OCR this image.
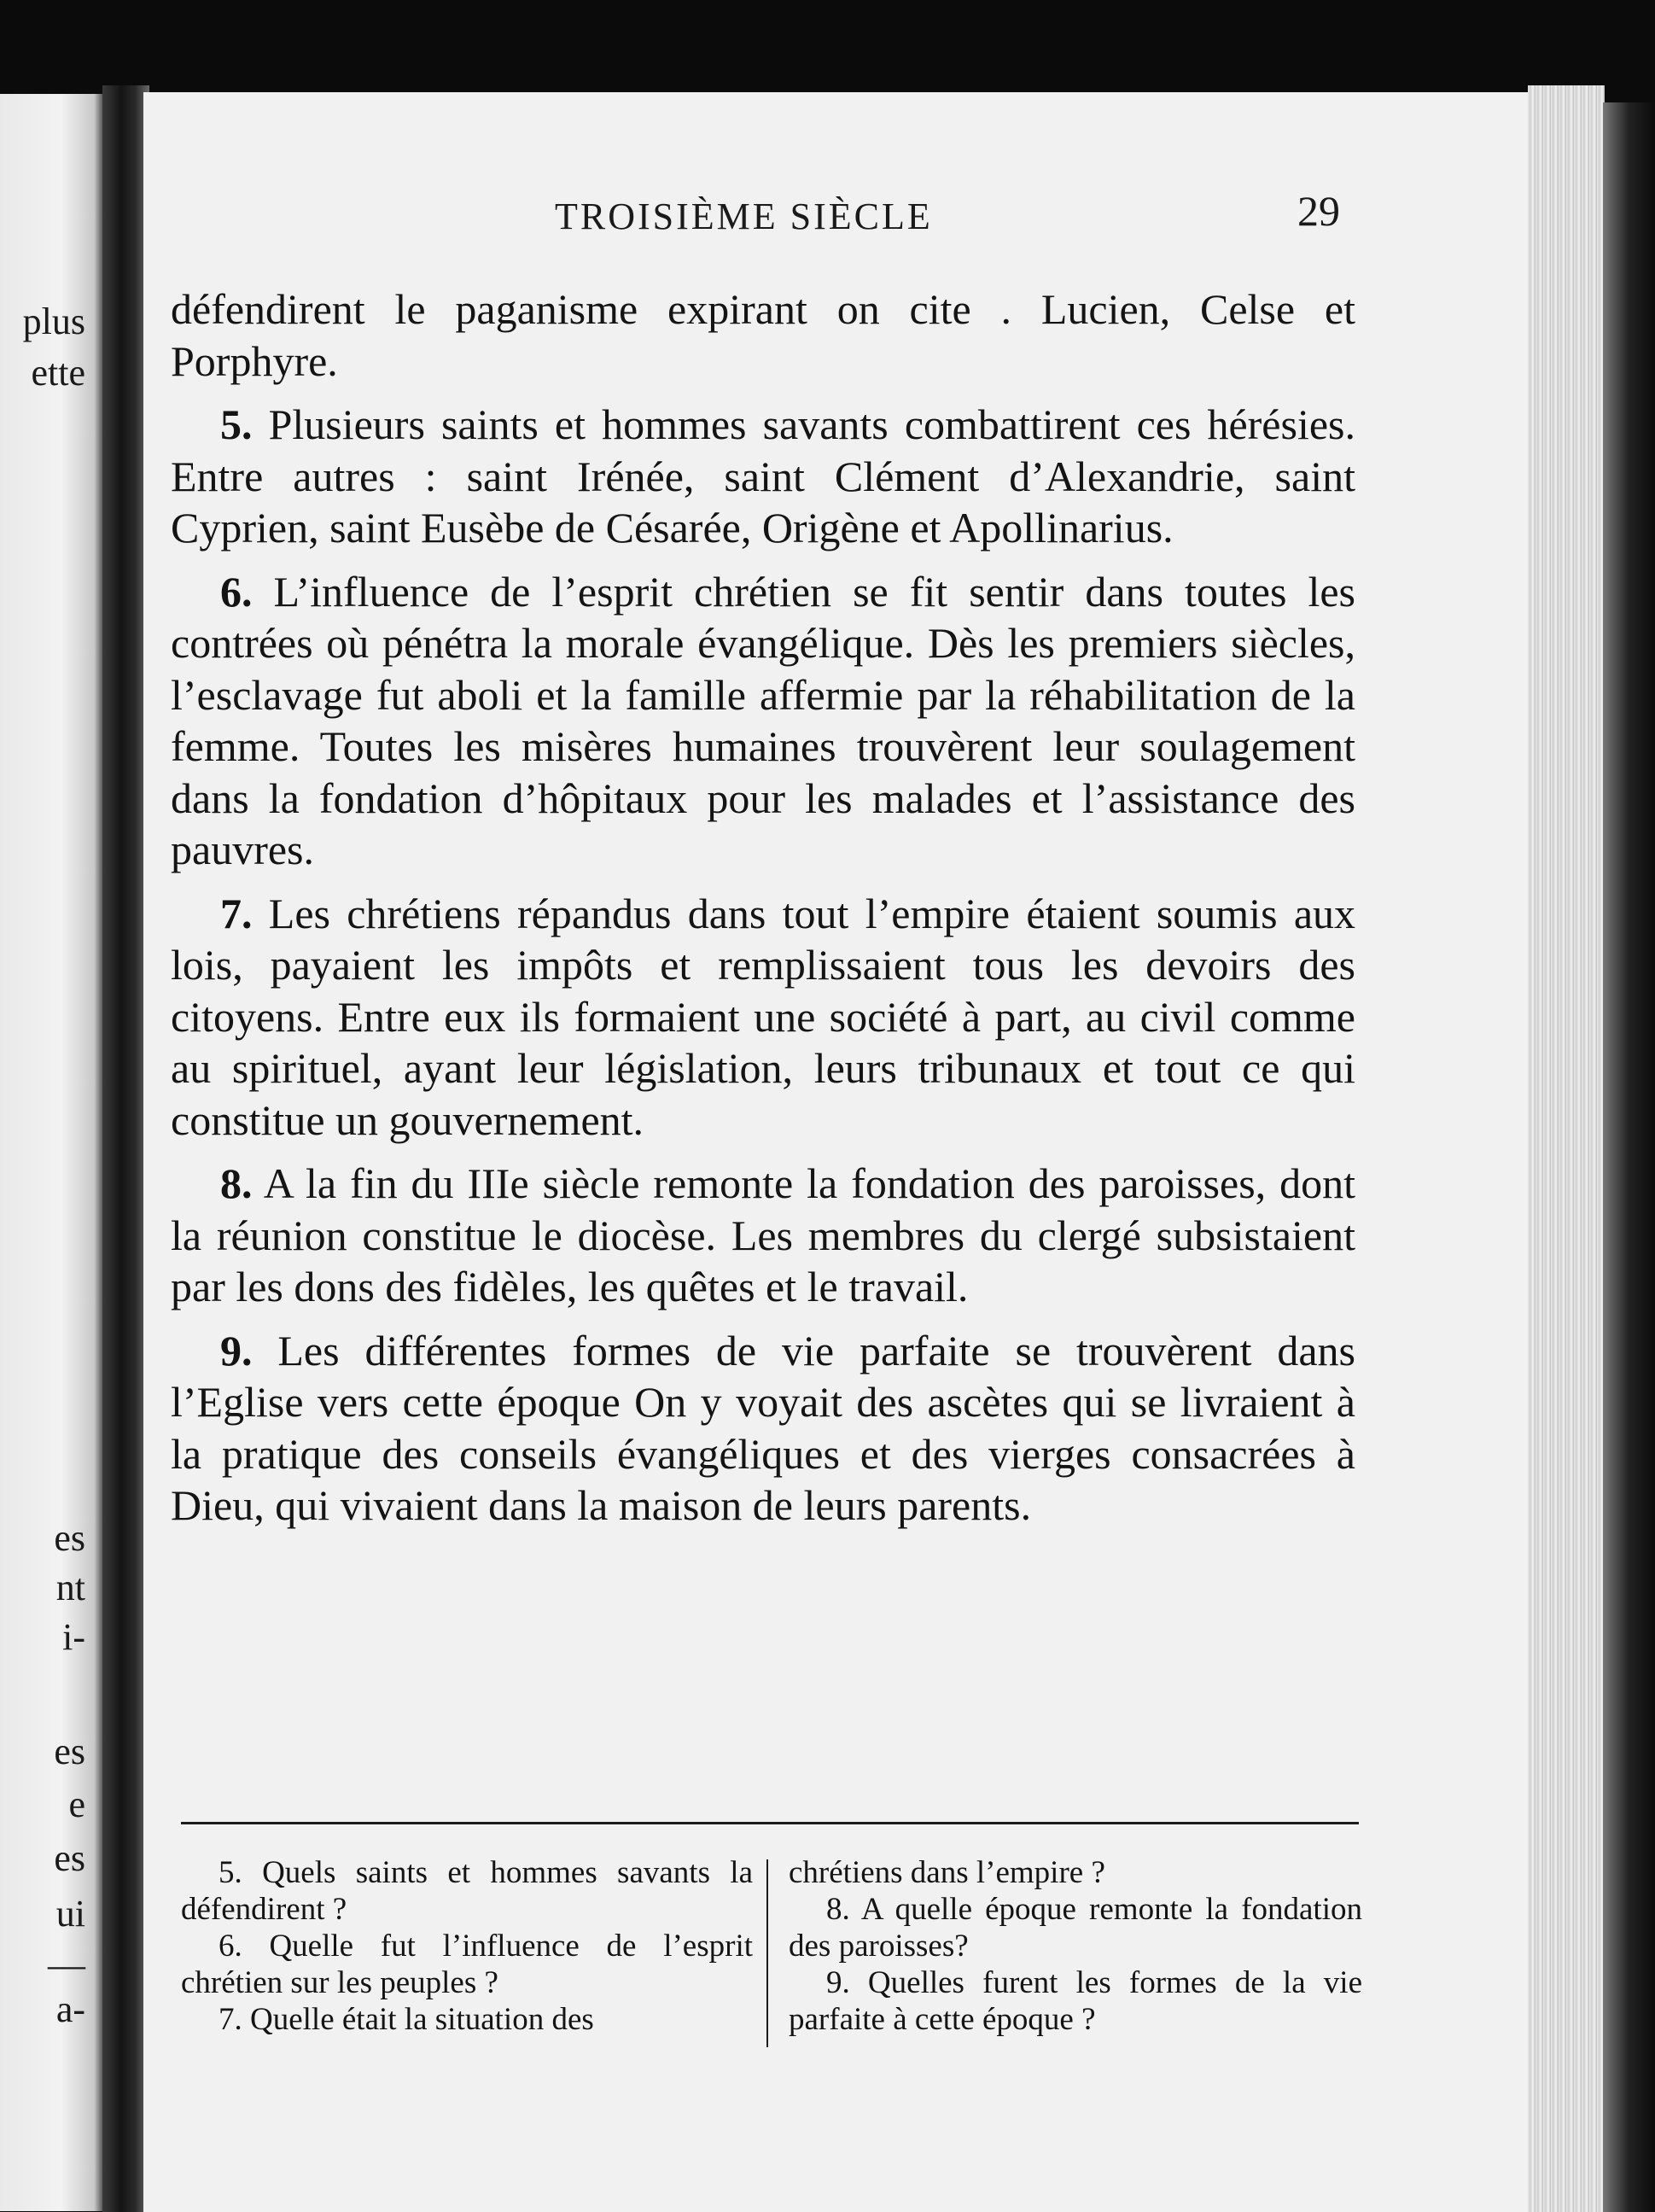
plus
ette
es
nt
i-
es
e
es
ui
—
a-
TROISIÈME SIÈCLE	29

défendirent le paganisme expirant on cite . Lucien, Celse et Porphyre.

5. Plusieurs saints et hommes savants combattirent ces hérésies. Entre autres : saint Irénée, saint Clément d’Alexandrie, saint Cyprien, saint Eusèbe de Césarée, Origène et Apollinarius.

6. L’influence de l’esprit chrétien se fit sentir dans toutes les contrées où pénétra la morale évangélique. Dès les premiers siècles, l’esclavage fut aboli et la famille affermie par la réhabilitation de la femme. Toutes les misères humaines trouvèrent leur soulagement dans la fondation d’hôpitaux pour les malades et l’assistance des pauvres.

7. Les chrétiens répandus dans tout l’empire étaient soumis aux lois, payaient les impôts et remplissaient tous les devoirs des citoyens. Entre eux ils formaient une société à part, au civil comme au spirituel, ayant leur législation, leurs tribunaux et tout ce qui constitue un gouvernement.

8. A la fin du IIIe siècle remonte la fondation des paroisses, dont la réunion constitue le diocèse. Les membres du clergé subsistaient par les dons des fidèles, les quêtes et le travail.

9. Les différentes formes de vie parfaite se trouvèrent dans l’Eglise vers cette époque On y voyait des ascètes qui se livraient à la pratique des conseils évangéliques et des vierges consacrées à Dieu, qui vivaient dans la maison de leurs parents.

5. Quels saints et hommes savants la défendirent ?

6. Quelle fut l’influence de l’esprit chrétien sur les peuples ?

7. Quelle était la situation des

chrétiens dans l’empire ?

8. A quelle époque remonte la fondation des paroisses?

9. Quelles furent les formes de la vie parfaite à cette époque ?
